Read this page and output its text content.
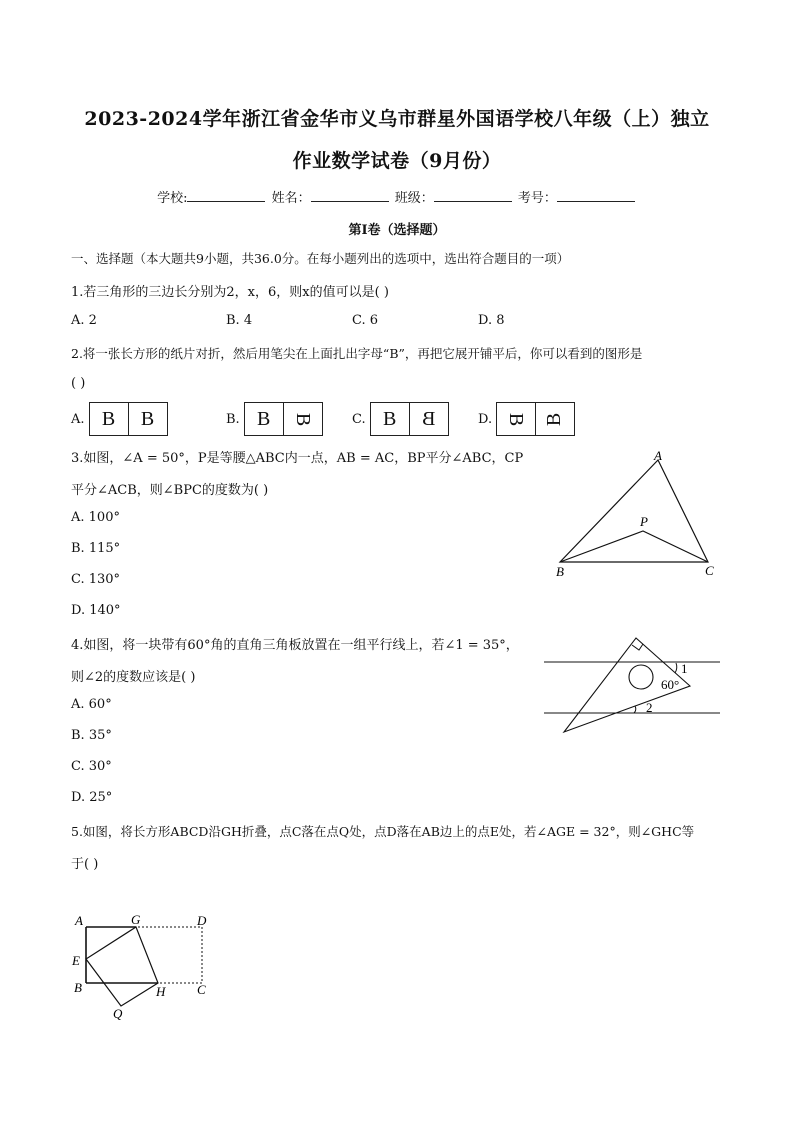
2023-2024学年浙江省金华市义乌市群星外国语学校八年级（上）独立
作业数学试卷（9月份）
学校:	姓名：	班级：	考号：
第I卷（选择题）
一、选择题（本大题共9小题，共36.0分。在每小题列出的选项中，选出符合题目的一项）
1.若三角形的三边长分别为2，x，6，则x的值可以是( )
A. 2	B. 4	C. 6	D. 8
2.将一张长方形的纸片对折，然后用笔尖在上面扎出字母“B”，再把它展开铺平后，你可以看到的图形是
( )
A. B B	B. B B	C. B B	D. B B
3.如图，∠A = 50°，P是等腰△ABC内一点，AB = AC，BP平分∠ABC，CP
平分∠ACB，则∠BPC的度数为( )
A. 100°
B. 115°
C. 130°
D. 140°
A
B	C
P
4.如图，将一块带有60°角的直角三角板放置在一组平行线上，若∠1 = 35°，
则∠2的度数应该是( )
A. 60°
B. 35°
C. 30°
D. 25°
1
60°
2
5.如图，将长方形ABCD沿GH折叠，点C落在点Q处，点D落在AB边上的点E处，若∠AGE = 32°，则∠GHC等
于( )
A	G	D
E
B	H C
Q
